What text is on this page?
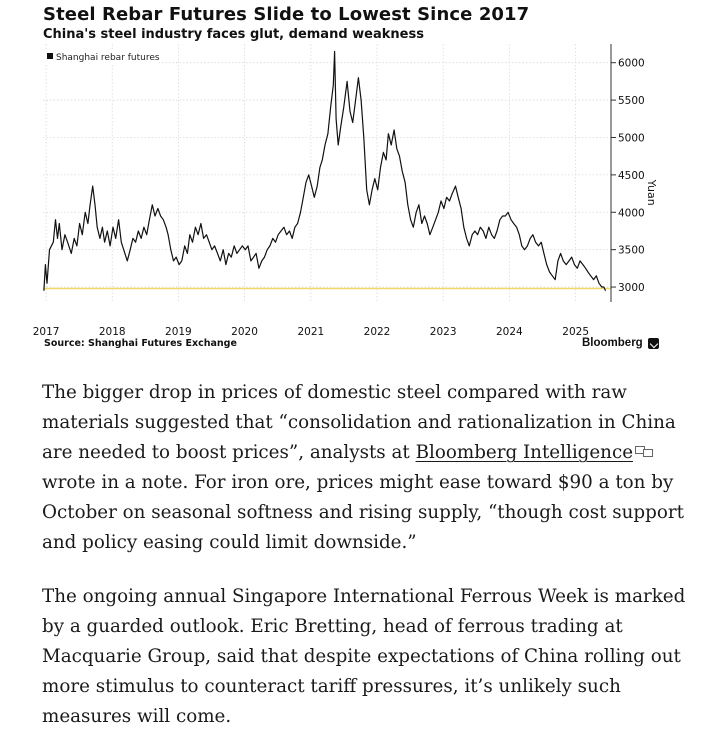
Steel Rebar Futures Slide to Lowest Since 2017
China's steel industry faces glut, demand weakness
3000
3500
4000
4500
5000
5500
6000
2017	2018	2019	2020	2021	2022	2023	2024	2025
Yuan
Shanghai rebar futures
Source: Shanghai Futures Exchange	Bloomberg

The bigger drop in prices of domestic steel compared with raw materials suggested that “consolidation and rationalization in China are needed to boost prices”, analysts at Bloomberg Intelligence wrote in a note. For iron ore, prices might ease toward $90 a ton by October on seasonal softness and rising supply, “though cost support and policy easing could limit downside.”

The ongoing annual Singapore International Ferrous Week is marked by a guarded outlook. Eric Bretting, head of ferrous trading at Macquarie Group, said that despite expectations of China rolling out more stimulus to counteract tariff pressures, it’s unlikely such measures will come.
